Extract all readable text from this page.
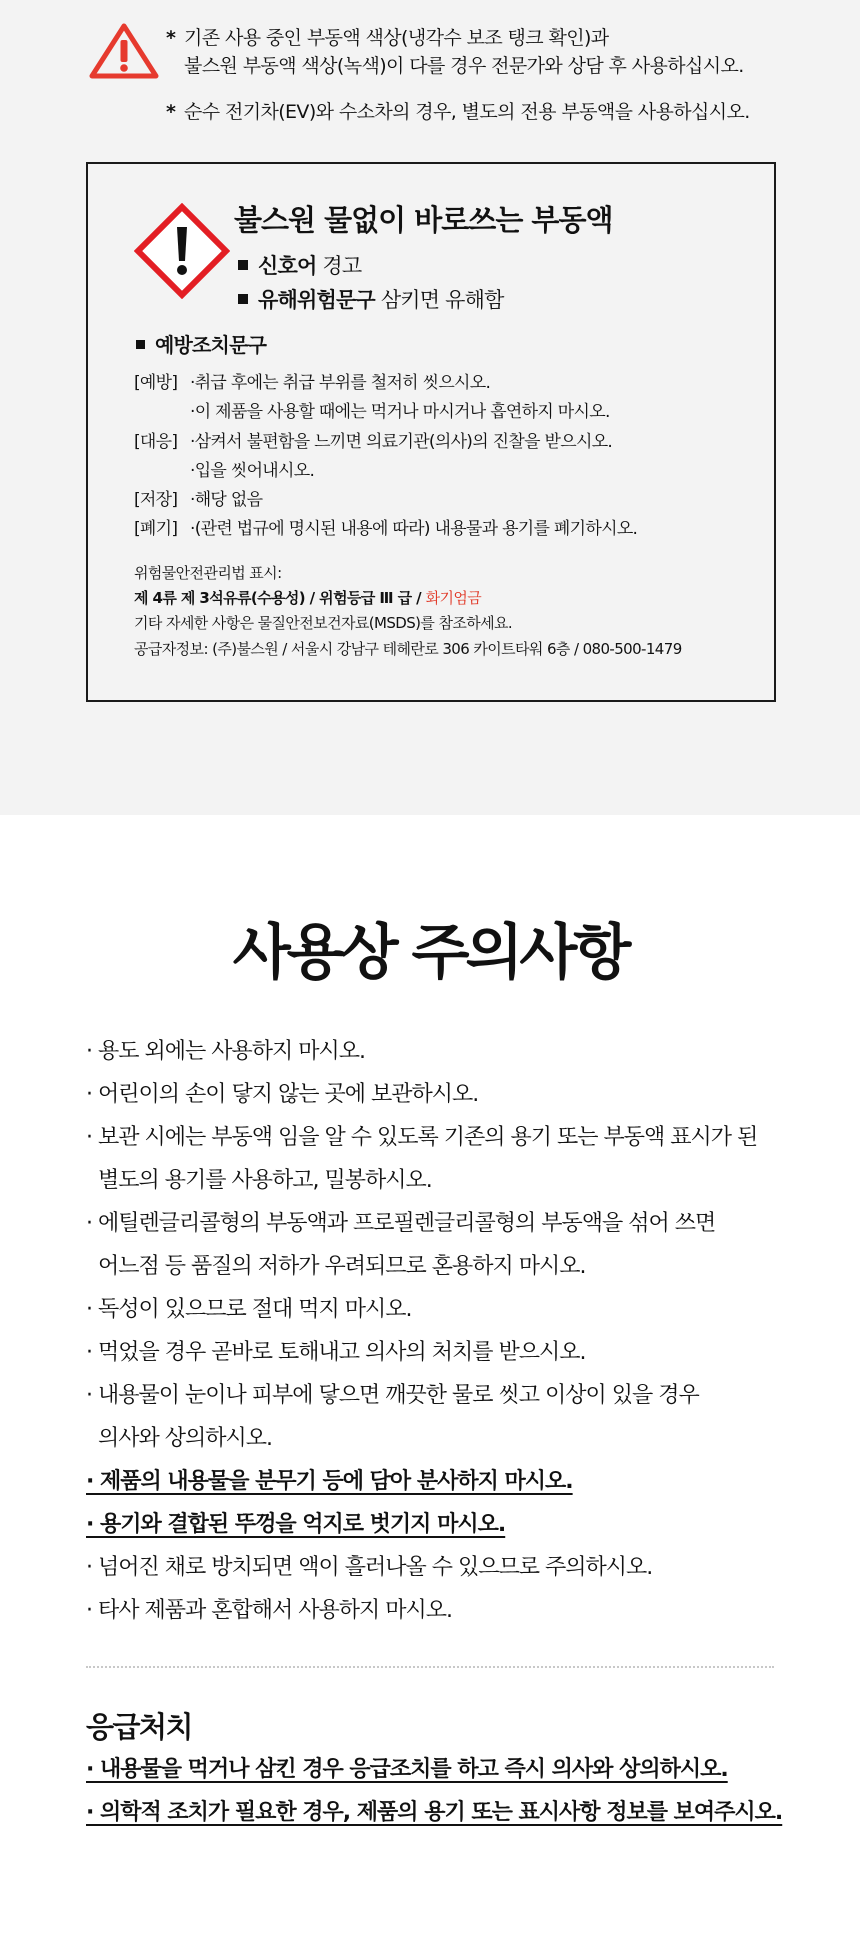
* 기존 사용 중인 부동액 색상(냉각수 보조 탱크 확인)과
불스원 부동액 색상(녹색)이 다를 경우 전문가와 상담 후 사용하십시오.
* 순수 전기차(EV)와 수소차의 경우, 별도의 전용 부동액을 사용하십시오.
불스원 물없이 바로쓰는 부동액
신호어 경고
유해위험문구 삼키면 유해함
예방조치문구
[예방] ·취급 후에는 취급 부위를 철저히 씻으시오.
·이 제품을 사용할 때에는 먹거나 마시거나 흡연하지 마시오.
[대응] ·삼켜서 불편함을 느끼면 의료기관(의사)의 진찰을 받으시오.
·입을 씻어내시오.
[저장] ·해당 없음
[폐기] ·(관련 법규에 명시된 내용에 따라) 내용물과 용기를 폐기하시오.
위험물안전관리법 표시:
제 4류 제 3석유류(수용성) / 위험등급 Ⅲ 급 / 화기엄금
기타 자세한 사항은 물질안전보건자료(MSDS)를 참조하세요.
공급자정보: (주)불스원 / 서울시 강남구 테헤란로 306 카이트타워 6층 / 080-500-1479
사용상 주의사항
· 용도 외에는 사용하지 마시오.
· 어린이의 손이 닿지 않는 곳에 보관하시오.
· 보관 시에는 부동액 임을 알 수 있도록 기존의 용기 또는 부동액 표시가 된
별도의 용기를 사용하고, 밀봉하시오.
· 에틸렌글리콜형의 부동액과 프로필렌글리콜형의 부동액을 섞어 쓰면
어느점 등 품질의 저하가 우려되므로 혼용하지 마시오.
· 독성이 있으므로 절대 먹지 마시오.
· 먹었을 경우 곧바로 토해내고 의사의 처치를 받으시오.
· 내용물이 눈이나 피부에 닿으면 깨끗한 물로 씻고 이상이 있을 경우
의사와 상의하시오.
· 제품의 내용물을 분무기 등에 담아 분사하지 마시오.
· 용기와 결합된 뚜껑을 억지로 벗기지 마시오.
· 넘어진 채로 방치되면 액이 흘러나올 수 있으므로 주의하시오.
· 타사 제품과 혼합해서 사용하지 마시오.
응급처치
· 내용물을 먹거나 삼킨 경우 응급조치를 하고 즉시 의사와 상의하시오.
· 의학적 조치가 필요한 경우, 제품의 용기 또는 표시사항 정보를 보여주시오.
